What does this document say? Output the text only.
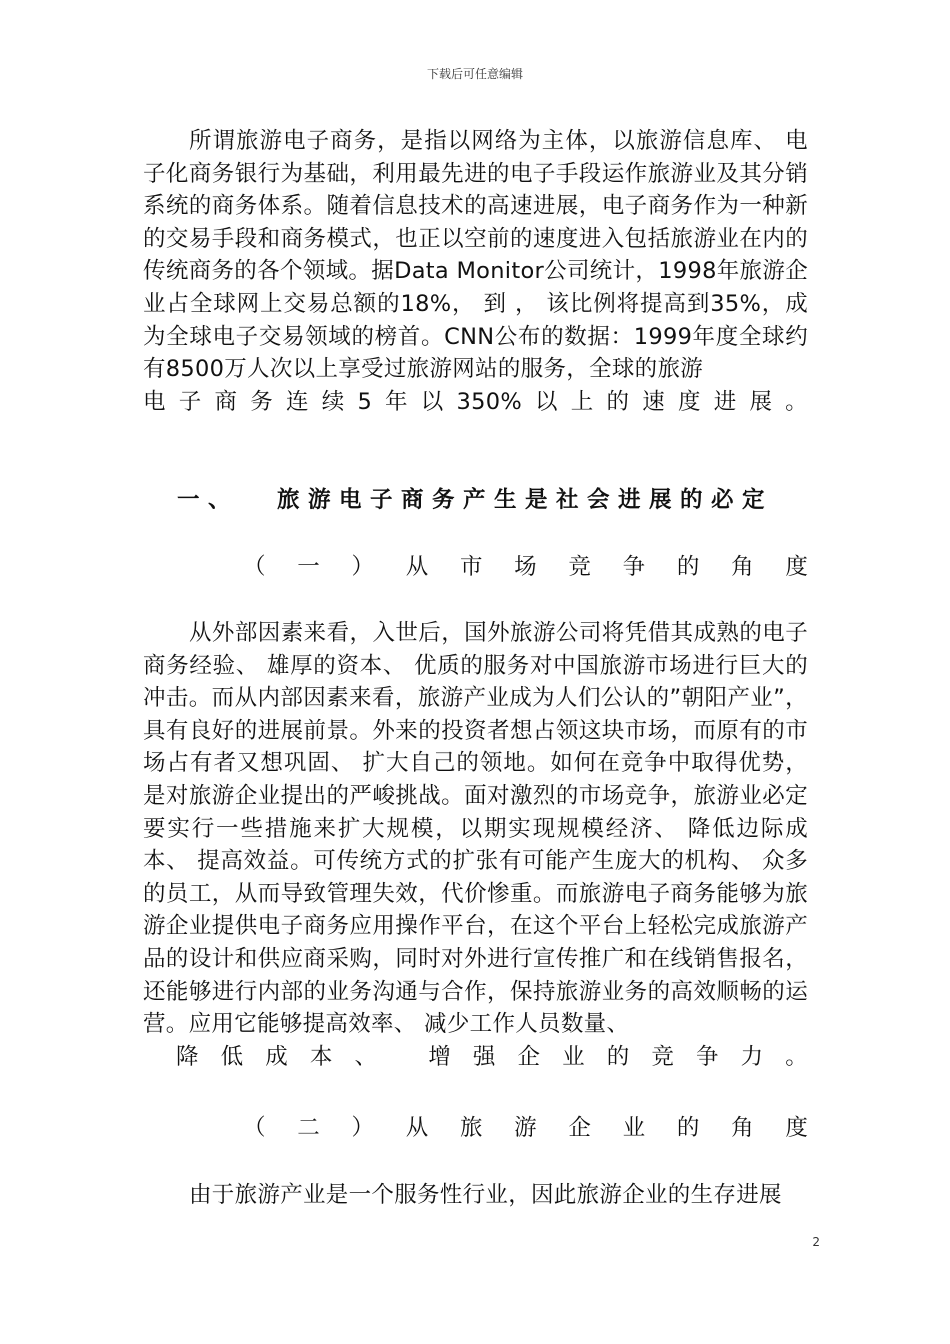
下载后可任意编辑

所谓旅游电子商务，是指以网络为主体，以旅游信息库、 电子化商务银行为基础，利用最先进的电子手段运作旅游业及其分销系统的商务体系。随着信息技术的高速进展，电子商务作为一种新的交易手段和商务模式，也正以空前的速度进入包括旅游业在内的传统商务的各个领域。据Data Monitor公司统计，1998年旅游企业占全球网上交易总额的18%， 到 ， 该比例将提高到35%，成为全球电子交易领域的榜首。CNN公布的数据：1999年度全球约有8500万人次以上享受过旅游网站的服务，全球的旅游
电子商务连续5年以350%以上的速度进展。

一、 旅游电子商务产生是社会进展的必定
（ 一 ） 从 市 场 竞 争 的 角 度

从外部因素来看，入世后，国外旅游公司将凭借其成熟的电子商务经验、 雄厚的资本、 优质的服务对中国旅游市场进行巨大的冲击。而从内部因素来看，旅游产业成为人们公认的”朝阳产业”， 具有良好的进展前景。外来的投资者想占领这块市场，而原有的市场占有者又想巩固、 扩大自己的领地。如何在竞争中取得优势，是对旅游企业提出的严峻挑战。面对激烈的市场竞争，旅游业必定要实行一些措施来扩大规模，以期实现规模经济、 降低边际成本、 提高效益。可传统方式的扩张有可能产生庞大的机构、 众多的员工，从而导致管理失效，代价惨重。而旅游电子商务能够为旅游企业提供电子商务应用操作平台，在这个平台上轻松完成旅游产品的设计和供应商采购，同时对外进行宣传推广和在线销售报名，还能够进行内部的业务沟通与合作，保持旅游业务的高效顺畅的运营。应用它能够提高效率、 减少工作人员数量、
降低成本、 增强企业的竞争力。

（ 二 ） 从 旅 游 企 业 的 角 度

由于旅游产业是一个服务性行业，因此旅游企业的生存进展

2
